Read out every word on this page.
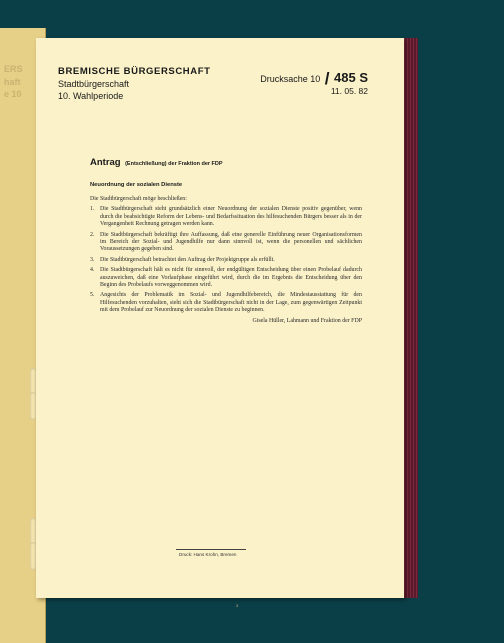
ERS
haft
e 10
BREMISCHE BÜRGERSCHAFT
Stadtbürgerschaft
10. Wahlperiode
Drucksache 10 / 485 S
11. 05. 82
Antrag (Entschließung) der Fraktion der FDP
Neuordnung der sozialen Dienste

Die Stadtbürgerschaft möge beschließen:

1. Die Stadtbürgerschaft steht grundsätzlich einer Neuordnung der sozialen Dienste positiv gegenüber, wenn durch die beabsichtigte Reform der Lebens- und Bedarfssituation des hilfesuchenden Bürgers besser als in der Vergangenheit Rechnung getragen werden kann.
2. Die Stadtbürgerschaft bekräftigt ihre Auffassung, daß eine generelle Einführung neuer Organisationsformen im Bereich der Sozial- und Jugendhilfe nur dann sinnvoll ist, wenn die personellen und sächlichen Voraussetzungen gegeben sind.
3. Die Stadtbürgerschaft betrachtet den Auftrag der Projektgruppe als erfüllt.
4. Die Stadtbürgerschaft hält es nicht für sinnvoll, der endgültigen Entscheidung über einen Probelauf dadurch auszuweichen, daß eine Vorlaufphase eingeführt wird, durch die im Ergebnis die Entscheidung über den Beginn des Probelaufs vorweggenommen wird.
5. Angesichts der Problematik im Sozial- und Jugendhilfebereich, die Mindestausstattung für den Hilfesuchenden vorzuhalten, sieht sich die Stadtbürgerschaft nicht in der Lage, zum gegenwärtigen Zeitpunkt mit dem Probelauf zur Neuordnung der sozialen Dienste zu beginnen.
Gisela Hüller, Lahmann und Fraktion der FDP
Druck: Hans Krohn, Bremen
3
